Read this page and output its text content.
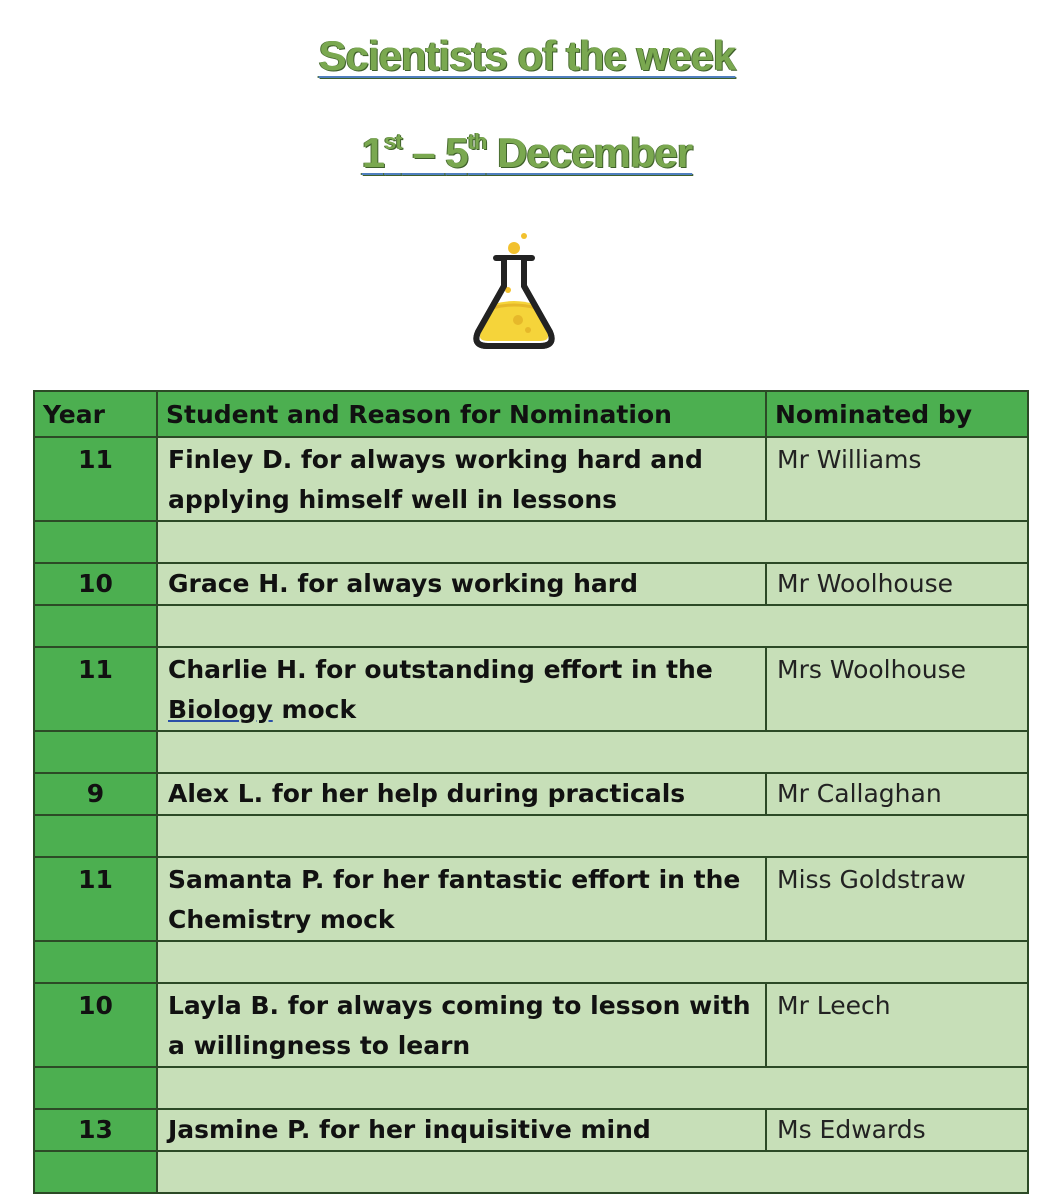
Scientists of the week
1st – 5th December
Year	Student and Reason for Nomination	Nominated by
11	Finley D. for always working hard and applying himself well in lessons	Mr Williams

10	Grace H. for always working hard	Mr Woolhouse

11	Charlie H. for outstanding effort in the Biology mock	Mrs Woolhouse

9	Alex L. for her help during practicals	Mr Callaghan

11	Samanta P. for her fantastic effort in the Chemistry mock	Miss Goldstraw

10	Layla B. for always coming to lesson with a willingness to learn	Mr Leech

13	Jasmine P. for her inquisitive mind	Ms Edwards
